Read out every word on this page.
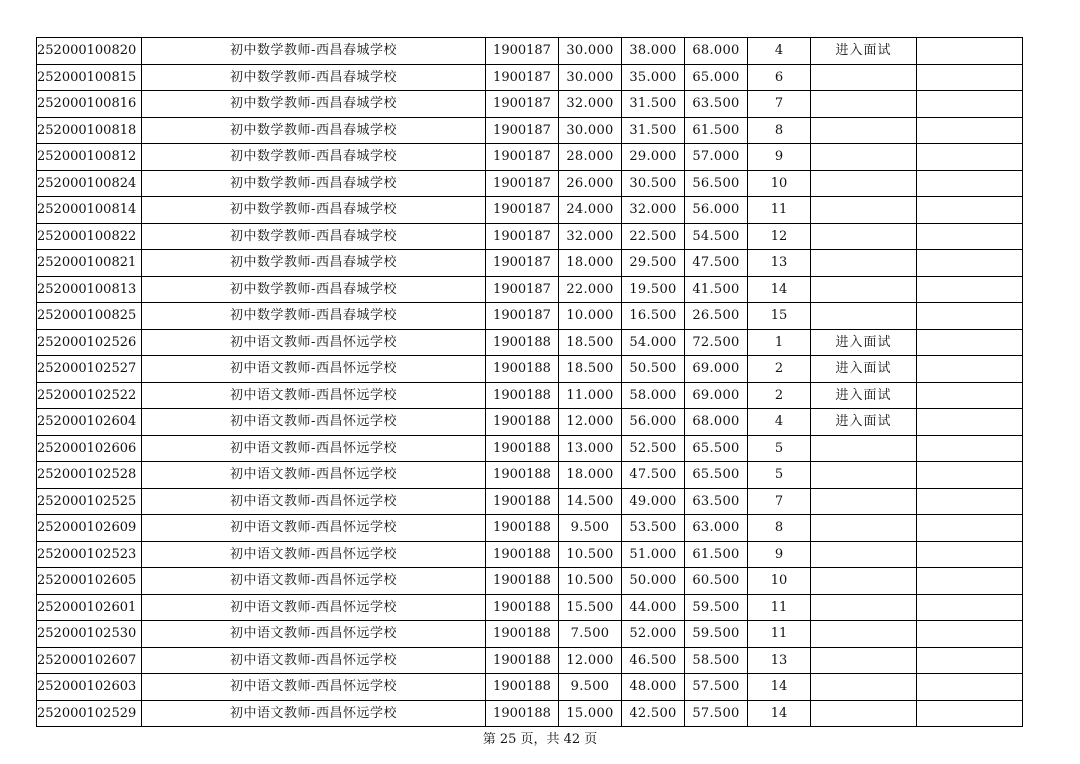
252000100820	初中数学教师-西昌春城学校	1900187	30.000	38.000	68.000	4	进入面试	
252000100815	初中数学教师-西昌春城学校	1900187	30.000	35.000	65.000	6		
252000100816	初中数学教师-西昌春城学校	1900187	32.000	31.500	63.500	7		
252000100818	初中数学教师-西昌春城学校	1900187	30.000	31.500	61.500	8		
252000100812	初中数学教师-西昌春城学校	1900187	28.000	29.000	57.000	9		
252000100824	初中数学教师-西昌春城学校	1900187	26.000	30.500	56.500	10		
252000100814	初中数学教师-西昌春城学校	1900187	24.000	32.000	56.000	11		
252000100822	初中数学教师-西昌春城学校	1900187	32.000	22.500	54.500	12		
252000100821	初中数学教师-西昌春城学校	1900187	18.000	29.500	47.500	13		
252000100813	初中数学教师-西昌春城学校	1900187	22.000	19.500	41.500	14		
252000100825	初中数学教师-西昌春城学校	1900187	10.000	16.500	26.500	15		
252000102526	初中语文教师-西昌怀远学校	1900188	18.500	54.000	72.500	1	进入面试	
252000102527	初中语文教师-西昌怀远学校	1900188	18.500	50.500	69.000	2	进入面试	
252000102522	初中语文教师-西昌怀远学校	1900188	11.000	58.000	69.000	2	进入面试	
252000102604	初中语文教师-西昌怀远学校	1900188	12.000	56.000	68.000	4	进入面试	
252000102606	初中语文教师-西昌怀远学校	1900188	13.000	52.500	65.500	5		
252000102528	初中语文教师-西昌怀远学校	1900188	18.000	47.500	65.500	5		
252000102525	初中语文教师-西昌怀远学校	1900188	14.500	49.000	63.500	7		
252000102609	初中语文教师-西昌怀远学校	1900188	9.500	53.500	63.000	8		
252000102523	初中语文教师-西昌怀远学校	1900188	10.500	51.000	61.500	9		
252000102605	初中语文教师-西昌怀远学校	1900188	10.500	50.000	60.500	10		
252000102601	初中语文教师-西昌怀远学校	1900188	15.500	44.000	59.500	11		
252000102530	初中语文教师-西昌怀远学校	1900188	7.500	52.000	59.500	11		
252000102607	初中语文教师-西昌怀远学校	1900188	12.000	46.500	58.500	13		
252000102603	初中语文教师-西昌怀远学校	1900188	9.500	48.000	57.500	14		
252000102529	初中语文教师-西昌怀远学校	1900188	15.000	42.500	57.500	14		
第 25 页，共 42 页
